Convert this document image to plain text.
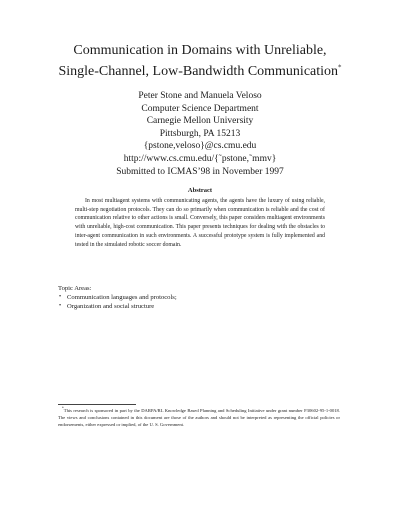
Communication in Domains with Unreliable,
Single-Channel, Low-Bandwidth Communication*
Peter Stone and Manuela Veloso
Computer Science Department
Carnegie Mellon University
Pittsburgh, PA 15213
{pstone,veloso}@cs.cmu.edu
http://www.cs.cmu.edu/{˜pstone,˜mmv}
Submitted to ICMAS’98 in November 1997
Abstract
In most multiagent systems with communicating agents, the agents have the luxury of using reliable, multi-step negotiation protocols. They can do so primarily when communication is reliable and the cost of communication relative to other actions is small. Conversely, this paper considers multiagent environments with unreliable, high-cost communication. This paper presents techniques for dealing with the obstacles to inter-agent communication in such environments. A successful prototype system is fully implemented and tested in the simulated robotic soccer domain.
Topic Areas:
• Communication languages and protocols;
• Organization and social structure
*This research is sponsored in part by the DARPA/RL Knowledge Based Planning and Scheduling Initiative under grant number F30602-95-1-0018. The views and conclusions contained in this document are those of the authors and should not be interpreted as representing the official policies or endorsements, either expressed or implied, of the U. S. Government.
